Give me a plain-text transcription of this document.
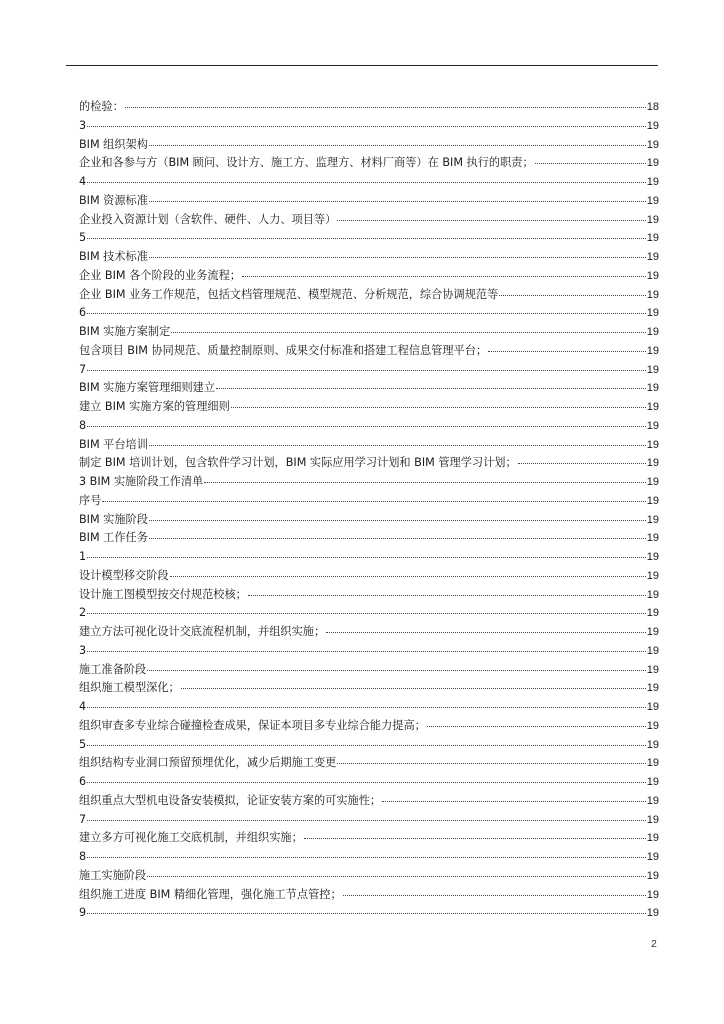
的检验：	18
3	19
BIM 组织架构	19
企业和各参与方（BIM 顾问、设计方、施工方、监理方、材料厂商等）在 BIM 执行的职责；	19
4	19
BIM 资源标准	19
企业投入资源计划（含软件、硬件、人力、项目等）	19
5	19
BIM 技术标准	19
企业 BIM 各个阶段的业务流程；	19
企业 BIM 业务工作规范，包括文档管理规范、模型规范、分析规范，综合协调规范等	19
6	19
BIM 实施方案制定	19
包含项目 BIM 协同规范、质量控制原则、成果交付标准和搭建工程信息管理平台；	19
7	19
BIM 实施方案管理细则建立	19
建立 BIM 实施方案的管理细则	19
8	19
BIM 平台培训	19
制定 BIM 培训计划，包含软件学习计划，BIM 实际应用学习计划和 BIM 管理学习计划；	19
3 BIM 实施阶段工作清单	19
序号	19
BIM 实施阶段	19
BIM 工作任务	19
1	19
设计模型移交阶段	19
设计施工图模型按交付规范校核；	19
2	19
建立方法可视化设计交底流程机制，并组织实施；	19
3	19
施工准备阶段	19
组织施工模型深化；	19
4	19
组织审查多专业综合碰撞检查成果，保证本项目多专业综合能力提高；	19
5	19
组织结构专业洞口预留预埋优化，减少后期施工变更	19
6	19
组织重点大型机电设备安装模拟，论证安装方案的可实施性；	19
7	19
建立多方可视化施工交底机制，并组织实施；	19
8	19
施工实施阶段	19
组织施工进度 BIM 精细化管理，强化施工节点管控；	19
9	19
2
